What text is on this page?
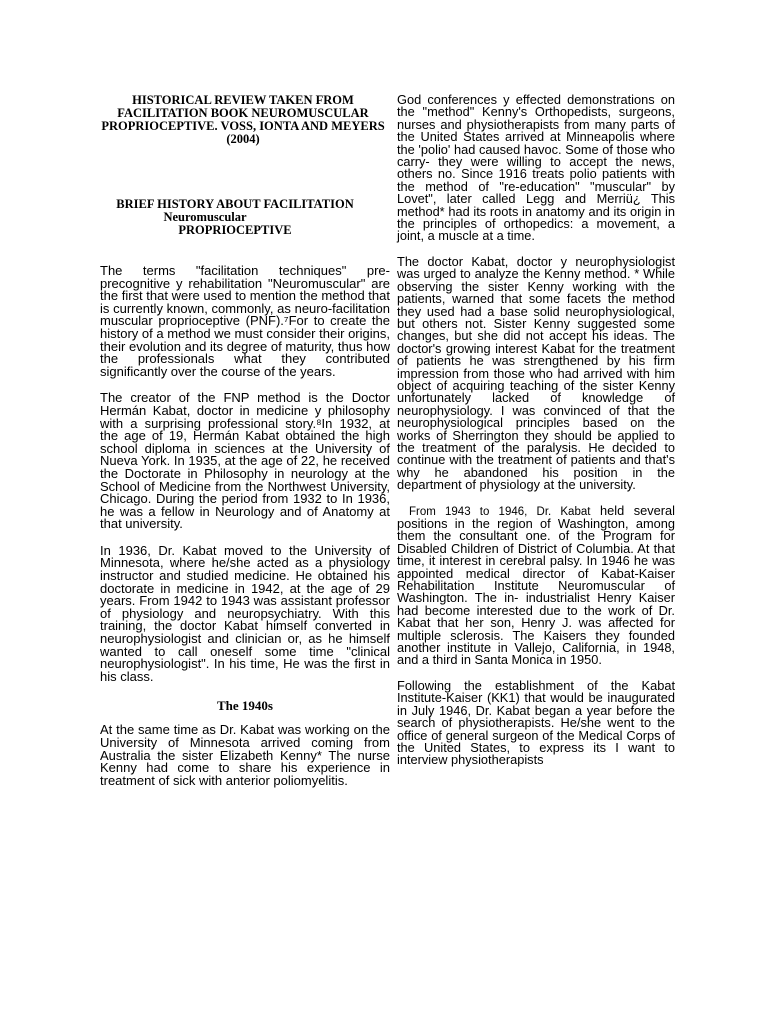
HISTORICAL REVIEW TAKEN FROM FACILITATION BOOK NEUROMUSCULAR PROPRIOCEPTIVE. VOSS, IONTA AND MEYERS (2004)

BRIEF HISTORY ABOUT FACILITATION
Neuromuscular
PROPRIOCEPTIVE

The terms "facilitation techniques" pre-precognitive y rehabilitation "Neuromuscular" are the first that were used to mention the method that is currently known, commonly, as neuro-facilitation muscular proprioceptive (PNF).⁷For to create the history of a method we must consider their origins, their evolution and its degree of maturity, thus how the professionals what they contributed significantly over the course of the years.

The creator of the FNP method is the Doctor Hermán Kabat, doctor in medicine y philosophy with a surprising professional story.⁸In 1932, at the age of 19, Hermán Kabat obtained the high school diploma in sciences at the University of Nueva York. In 1935, at the age of 22, he received the Doctorate in Philosophy in neurology at the School of Medicine from the Northwest University, Chicago. During the period from 1932 to In 1936, he was a fellow in Neurology and of Anatomy at that university.

In 1936, Dr. Kabat moved to the University of Minnesota, where he/she acted as a physiology instructor and studied medicine. He obtained his doctorate in medicine in 1942, at the age of 29 years. From 1942 to 1943 was assistant professor of physiology and neuropsychiatry. With this training, the doctor Kabat himself converted in neurophysiologist and clinician or, as he himself wanted to call oneself some time "clinical neurophysiologist". In his time, He was the first in his class.

The 1940s

At the same time as Dr. Kabat was working on the University of Minnesota arrived coming from Australia the sister Elizabeth Kenny* The nurse Kenny had come to share his experience in treatment of sick with anterior poliomyelitis.

God conferences y effected demonstrations on the "method" Kenny's Orthopedists, surgeons, nurses and physiotherapists from many parts of the United States arrived at Minneapolis where the 'polio' had caused havoc. Some of those who carry- they were willing to accept the news, others no. Since 1916 treats polio patients with the method of "re-education" "muscular" by Lovet", later called Legg and Merriü¿ This method* had its roots in anatomy and its origin in the principles of orthopedics: a movement, a joint, a muscle at a time.

The doctor Kabat, doctor y neurophysiologist was urged to analyze the Kenny method. * While observing the sister Kenny working with the patients, warned that some facets the method they used had a base solid neurophysiological, but others not. Sister Kenny suggested some changes, but she did not accept his ideas. The doctor's growing interest Kabat for the treatment of patients he was strengthened by his firm impression from those who had arrived with him object of acquiring teaching of the sister Kenny unfortunately lacked of knowledge of neurophysiology. I was convinced of that the neurophysiological principles based on the works of Sherrington they should be applied to the treatment of the paralysis. He decided to continue with the treatment of patients and that's why he abandoned his position in the department of physiology at the university.

From 1943 to 1946, Dr. Kabat held several positions in the region of Washington, among them the consultant one. of the Program for Disabled Children of District of Columbia. At that time, it interest in cerebral palsy. In 1946 he was appointed medical director of Kabat-Kaiser Rehabilitation Institute Neuromuscular of Washington. The in- industrialist Henry Kaiser had become interested due to the work of Dr. Kabat that her son, Henry J. was affected for multiple sclerosis. The Kaisers they founded another institute in Vallejo, California, in 1948, and a third in Santa Monica in 1950.

Following the establishment of the Kabat Institute-Kaiser (KK1) that would be inaugurated in July 1946, Dr. Kabat began a year before the search of physiotherapists. He/she went to the office of general surgeon of the Medical Corps of the United States, to express its I want to interview physiotherapists
